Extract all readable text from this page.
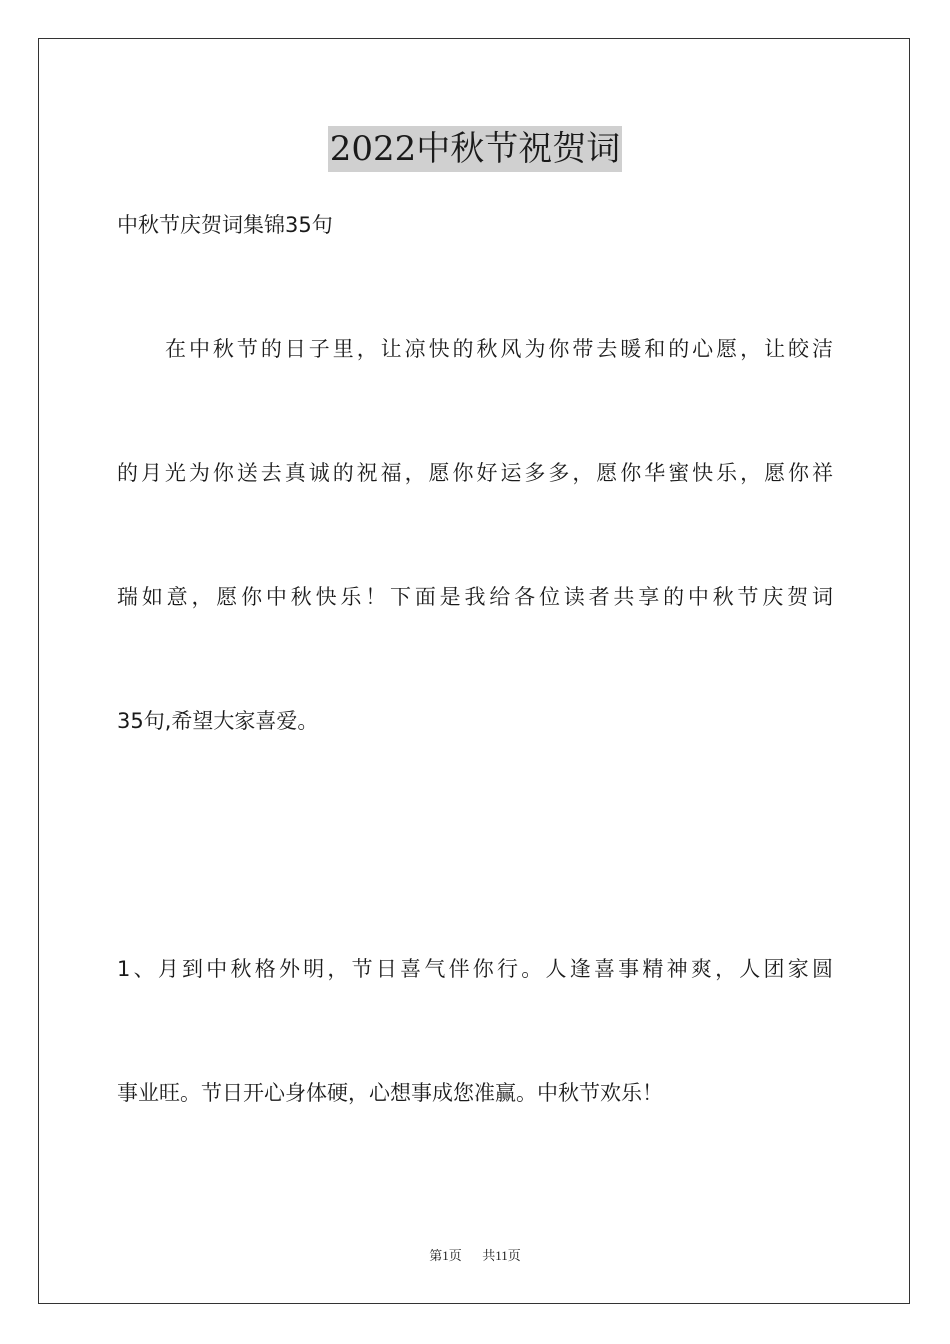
2022中秋节祝贺词
中秋节庆贺词集锦35句
在中秋节的日子里，让凉快的秋风为你带去暖和的心愿，让皎洁
的月光为你送去真诚的祝福，愿你好运多多，愿你华蜜快乐，愿你祥
瑞如意，愿你中秋快乐！下面是我给各位读者共享的中秋节庆贺词
35句,希望大家喜爱。
1、月到中秋格外明，节日喜气伴你行。人逢喜事精神爽，人团家圆
事业旺。节日开心身体硬，心想事成您准赢。中秋节欢乐！
第1页 共11页
